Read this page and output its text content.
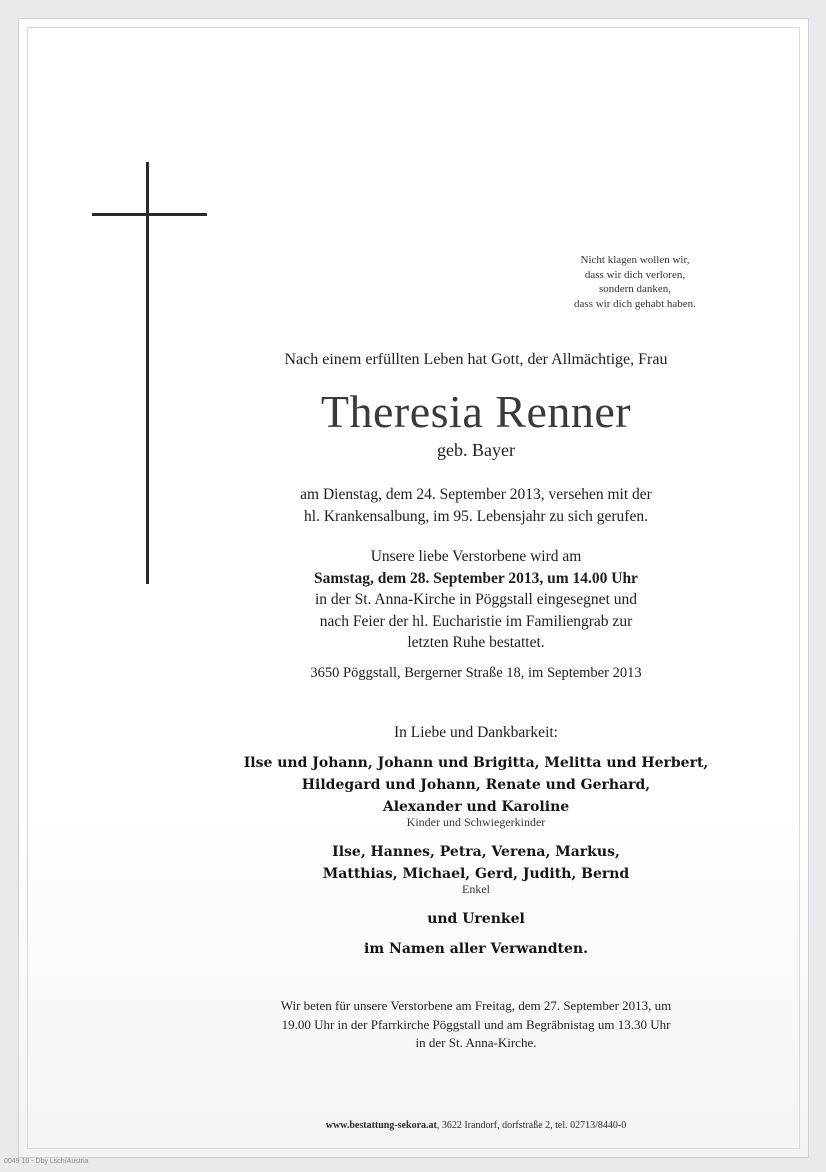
Nicht klagen wollen wir,
dass wir dich verloren,
sondern danken,
dass wir dich gehabt haben.
Nach einem erfüllten Leben hat Gott, der Allmächtige, Frau
Theresia Renner
geb. Bayer
am Dienstag, dem 24. September 2013, versehen mit der
hl. Krankensalbung, im 95. Lebensjahr zu sich gerufen.
Unsere liebe Verstorbene wird am
Samstag, dem 28. September 2013, um 14.00 Uhr
in der St. Anna-Kirche in Pöggstall eingesegnet und
nach Feier der hl. Eucharistie im Familiengrab zur
letzten Ruhe bestattet.
3650 Pöggstall, Bergerner Straße 18, im September 2013
In Liebe und Dankbarkeit:
Ilse und Johann, Johann und Brigitta, Melitta und Herbert,
Hildegard und Johann, Renate und Gerhard,
Alexander und Karoline
Kinder und Schwiegerkinder
Ilse, Hannes, Petra, Verena, Markus,
Matthias, Michael, Gerd, Judith, Bernd
Enkel
und Urenkel
im Namen aller Verwandten.
Wir beten für unsere Verstorbene am Freitag, dem 27. September 2013, um
19.00 Uhr in der Pfarrkirche Pöggstall und am Begräbnistag um 13.30 Uhr
in der St. Anna-Kirche.
www.bestattung-sekora.at, 3622 Irandorf, dorfstraße 2, tel. 02713/8440-0
0049 10 - Dby Lsch/Austria
